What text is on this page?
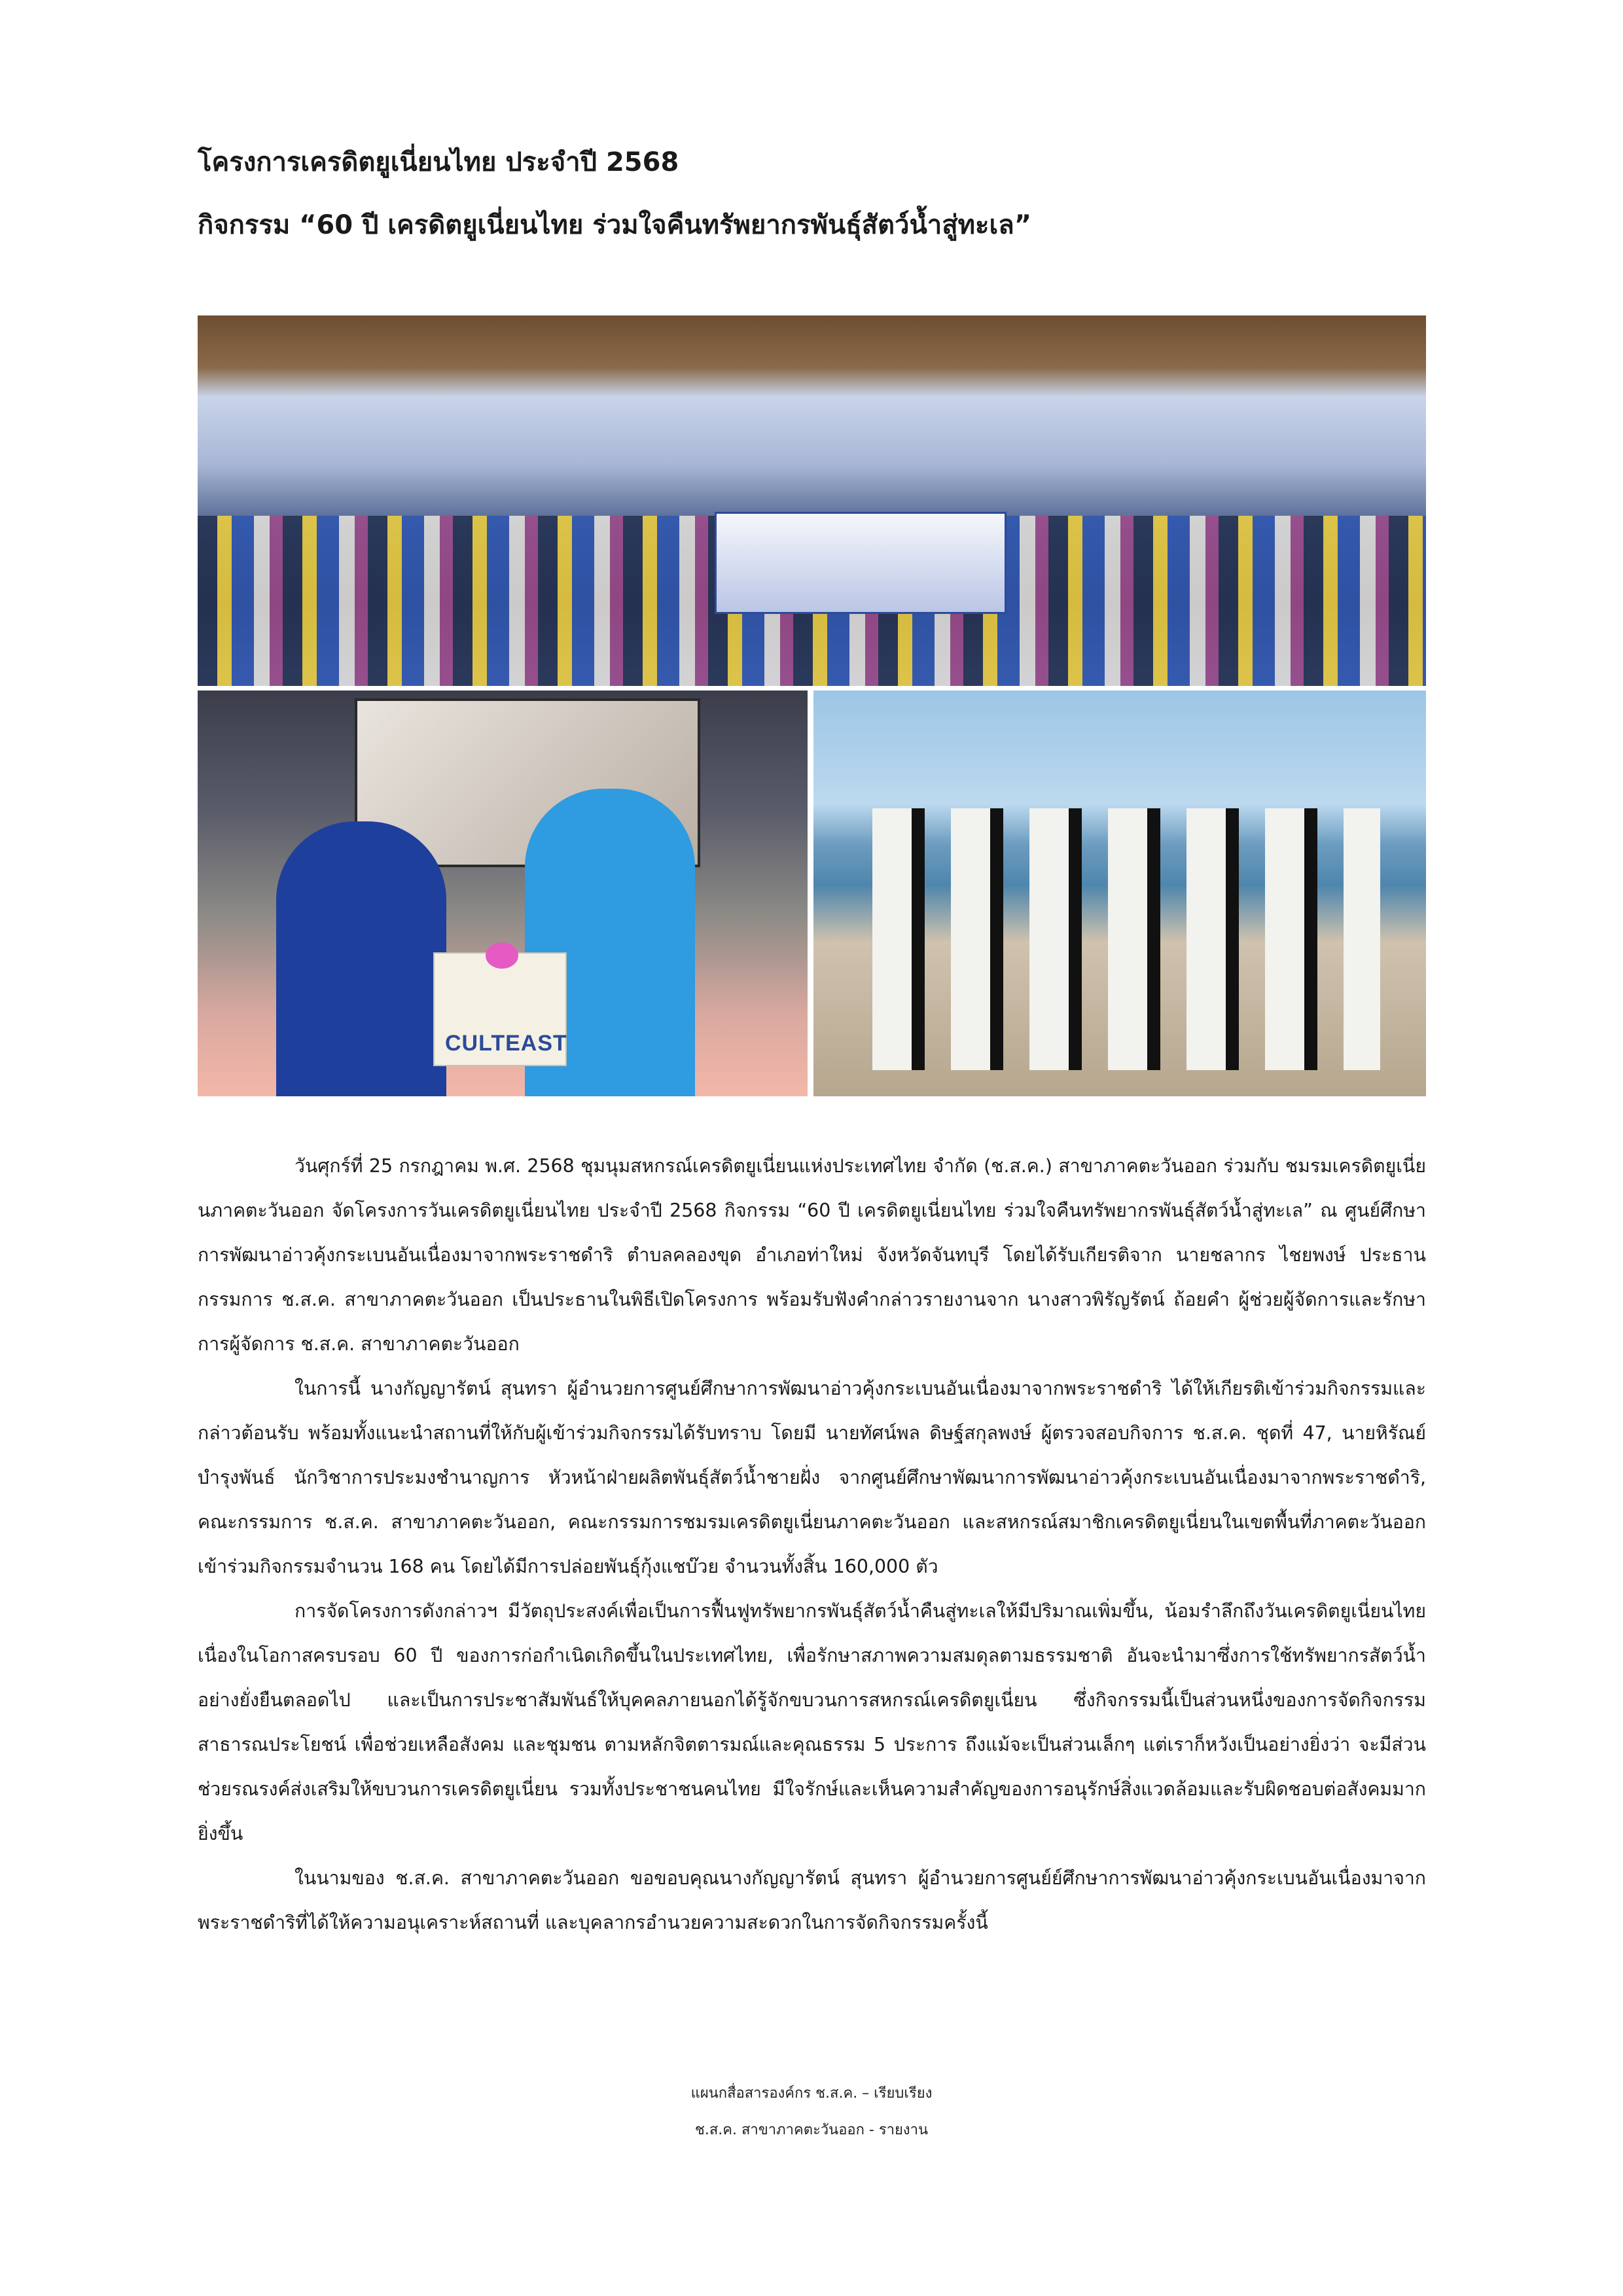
โครงการเครดิตยูเนี่ยนไทย ประจำปี 2568
กิจกรรม “60 ปี เครดิตยูเนี่ยนไทย ร่วมใจคืนทรัพยากรพันธุ์สัตว์น้ำสู่ทะเล”
CULTEAST

วันศุกร์ที่ 25 กรกฎาคม พ.ศ. 2568 ชุมนุมสหกรณ์เครดิตยูเนี่ยนแห่งประเทศไทย จำกัด (ช.ส.ค.) สาขาภาคตะวันออก ร่วมกับ ชมรมเครดิตยูเนี่ยนภาคตะวันออก จัดโครงการวันเครดิตยูเนี่ยนไทย ประจำปี 2568 กิจกรรม “60 ปี เครดิตยูเนี่ยนไทย ร่วมใจคืนทรัพยากรพันธุ์สัตว์น้ำสู่ทะเล” ณ ศูนย์ศึกษาการพัฒนาอ่าวคุ้งกระเบนอันเนื่องมาจากพระราชดำริ ตำบลคลองขุด อำเภอท่าใหม่ จังหวัดจันทบุรี โดยได้รับเกียรติจาก นายชลากร ไชยพงษ์ ประธานกรรมการ ช.ส.ค. สาขาภาคตะวันออก เป็นประธานในพิธีเปิดโครงการ พร้อมรับฟังคำกล่าวรายงานจาก นางสาวพิรัญรัตน์ ถ้อยคำ ผู้ช่วยผู้จัดการและรักษาการผู้จัดการ ช.ส.ค. สาขาภาคตะวันออก

ในการนี้ นางกัญญารัตน์ สุนทรา ผู้อำนวยการศูนย์ศึกษาการพัฒนาอ่าวคุ้งกระเบนอันเนื่องมาจากพระราชดำริ ได้ให้เกียรติเข้าร่วมกิจกรรมและกล่าวต้อนรับ พร้อมทั้งแนะนำสถานที่ให้กับผู้เข้าร่วมกิจกรรมได้รับทราบ โดยมี นายทัศน์พล ดิษฐ์สกุลพงษ์ ผู้ตรวจสอบกิจการ ช.ส.ค. ชุดที่ 47, นายหิรัณย์ บำรุงพันธ์ นักวิชาการประมงชำนาญการ หัวหน้าฝ่ายผลิตพันธุ์สัตว์น้ำชายฝั่ง จากศูนย์ศึกษาพัฒนาการพัฒนาอ่าวคุ้งกระเบนอันเนื่องมาจากพระราชดำริ, คณะกรรมการ ช.ส.ค. สาขาภาคตะวันออก, คณะกรรมการชมรมเครดิตยูเนี่ยนภาคตะวันออก และสหกรณ์สมาชิกเครดิตยูเนี่ยนในเขตพื้นที่ภาคตะวันออก เข้าร่วมกิจกรรมจำนวน 168 คน โดยได้มีการปล่อยพันธุ์กุ้งแชบ๊วย จำนวนทั้งสิ้น 160,000 ตัว

การจัดโครงการดังกล่าวฯ มีวัตถุประสงค์เพื่อเป็นการฟื้นฟูทรัพยากรพันธุ์สัตว์น้ำคืนสู่ทะเลให้มีปริมาณเพิ่มขึ้น, น้อมรำลึกถึงวันเครดิตยูเนี่ยนไทย เนื่องในโอกาสครบรอบ 60 ปี ของการก่อกำเนิดเกิดขึ้นในประเทศไทย, เพื่อรักษาสภาพความสมดุลตามธรรมชาติ อันจะนำมาซึ่งการใช้ทรัพยากรสัตว์น้ำอย่างยั่งยืนตลอดไป และเป็นการประชาสัมพันธ์ให้บุคคลภายนอกได้รู้จักขบวนการสหกรณ์เครดิตยูเนี่ยน ซึ่งกิจกรรมนี้เป็นส่วนหนึ่งของการจัดกิจกรรมสาธารณประโยชน์ เพื่อช่วยเหลือสังคม และชุมชน ตามหลักจิตตารมณ์และคุณธรรม 5 ประการ ถึงแม้จะเป็นส่วนเล็กๆ แต่เราก็หวังเป็นอย่างยิ่งว่า จะมีส่วนช่วยรณรงค์ส่งเสริมให้ขบวนการเครดิตยูเนี่ยน รวมทั้งประชาชนคนไทย มีใจรักษ์และเห็นความสำคัญของการอนุรักษ์สิ่งแวดล้อมและรับผิดชอบต่อสังคมมากยิ่งขึ้น

ในนามของ ช.ส.ค. สาขาภาคตะวันออก ขอขอบคุณนางกัญญารัตน์ สุนทรา ผู้อำนวยการศูนย์ย์ศึกษาการพัฒนาอ่าวคุ้งกระเบนอันเนื่องมาจากพระราชดำริที่ได้ให้ความอนุเคราะห์สถานที่ และบุคลากรอำนวยความสะดวกในการจัดกิจกรรมครั้งนี้

แผนกสื่อสารองค์กร ช.ส.ค. – เรียบเรียง
ช.ส.ค. สาขาภาคตะวันออก - รายงาน
